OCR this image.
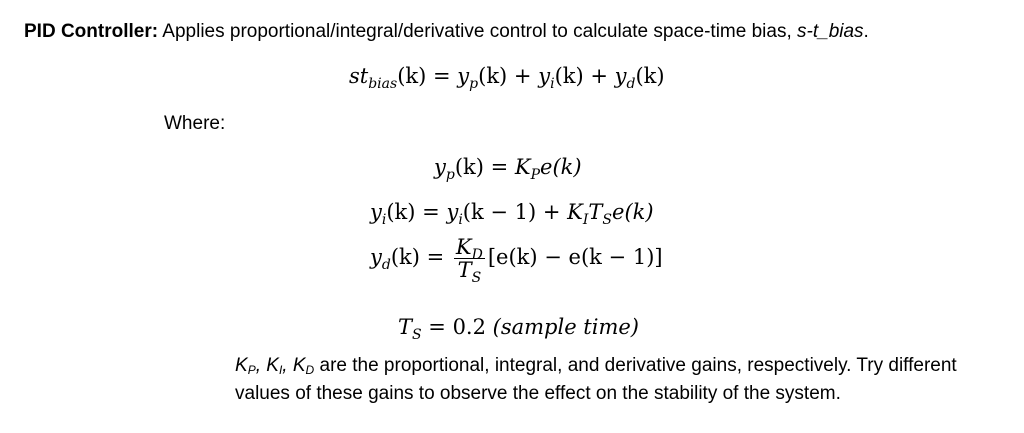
PID Controller: Applies proportional/integral/derivative control to calculate space-time bias, s-t_bias.
$st_{bias}(k) = y_p(k) + y_i(k) + y_d(k)$
Where:
$y_p(k) = K_Pe(k)$
$y_i(k) = y_i(k - 1) + K_IT_Se(k)$
$y_d(k) = \frac{K_D}{T_S} [e(k) - e(k - 1)]$
$T_S = 0.2$ (sample time)
$K_P$, $K_I$, $K_D$ are the proportional, integral, and derivative gains, respectively. Try different
values of these gains to observe the effect on the stability of the system.
